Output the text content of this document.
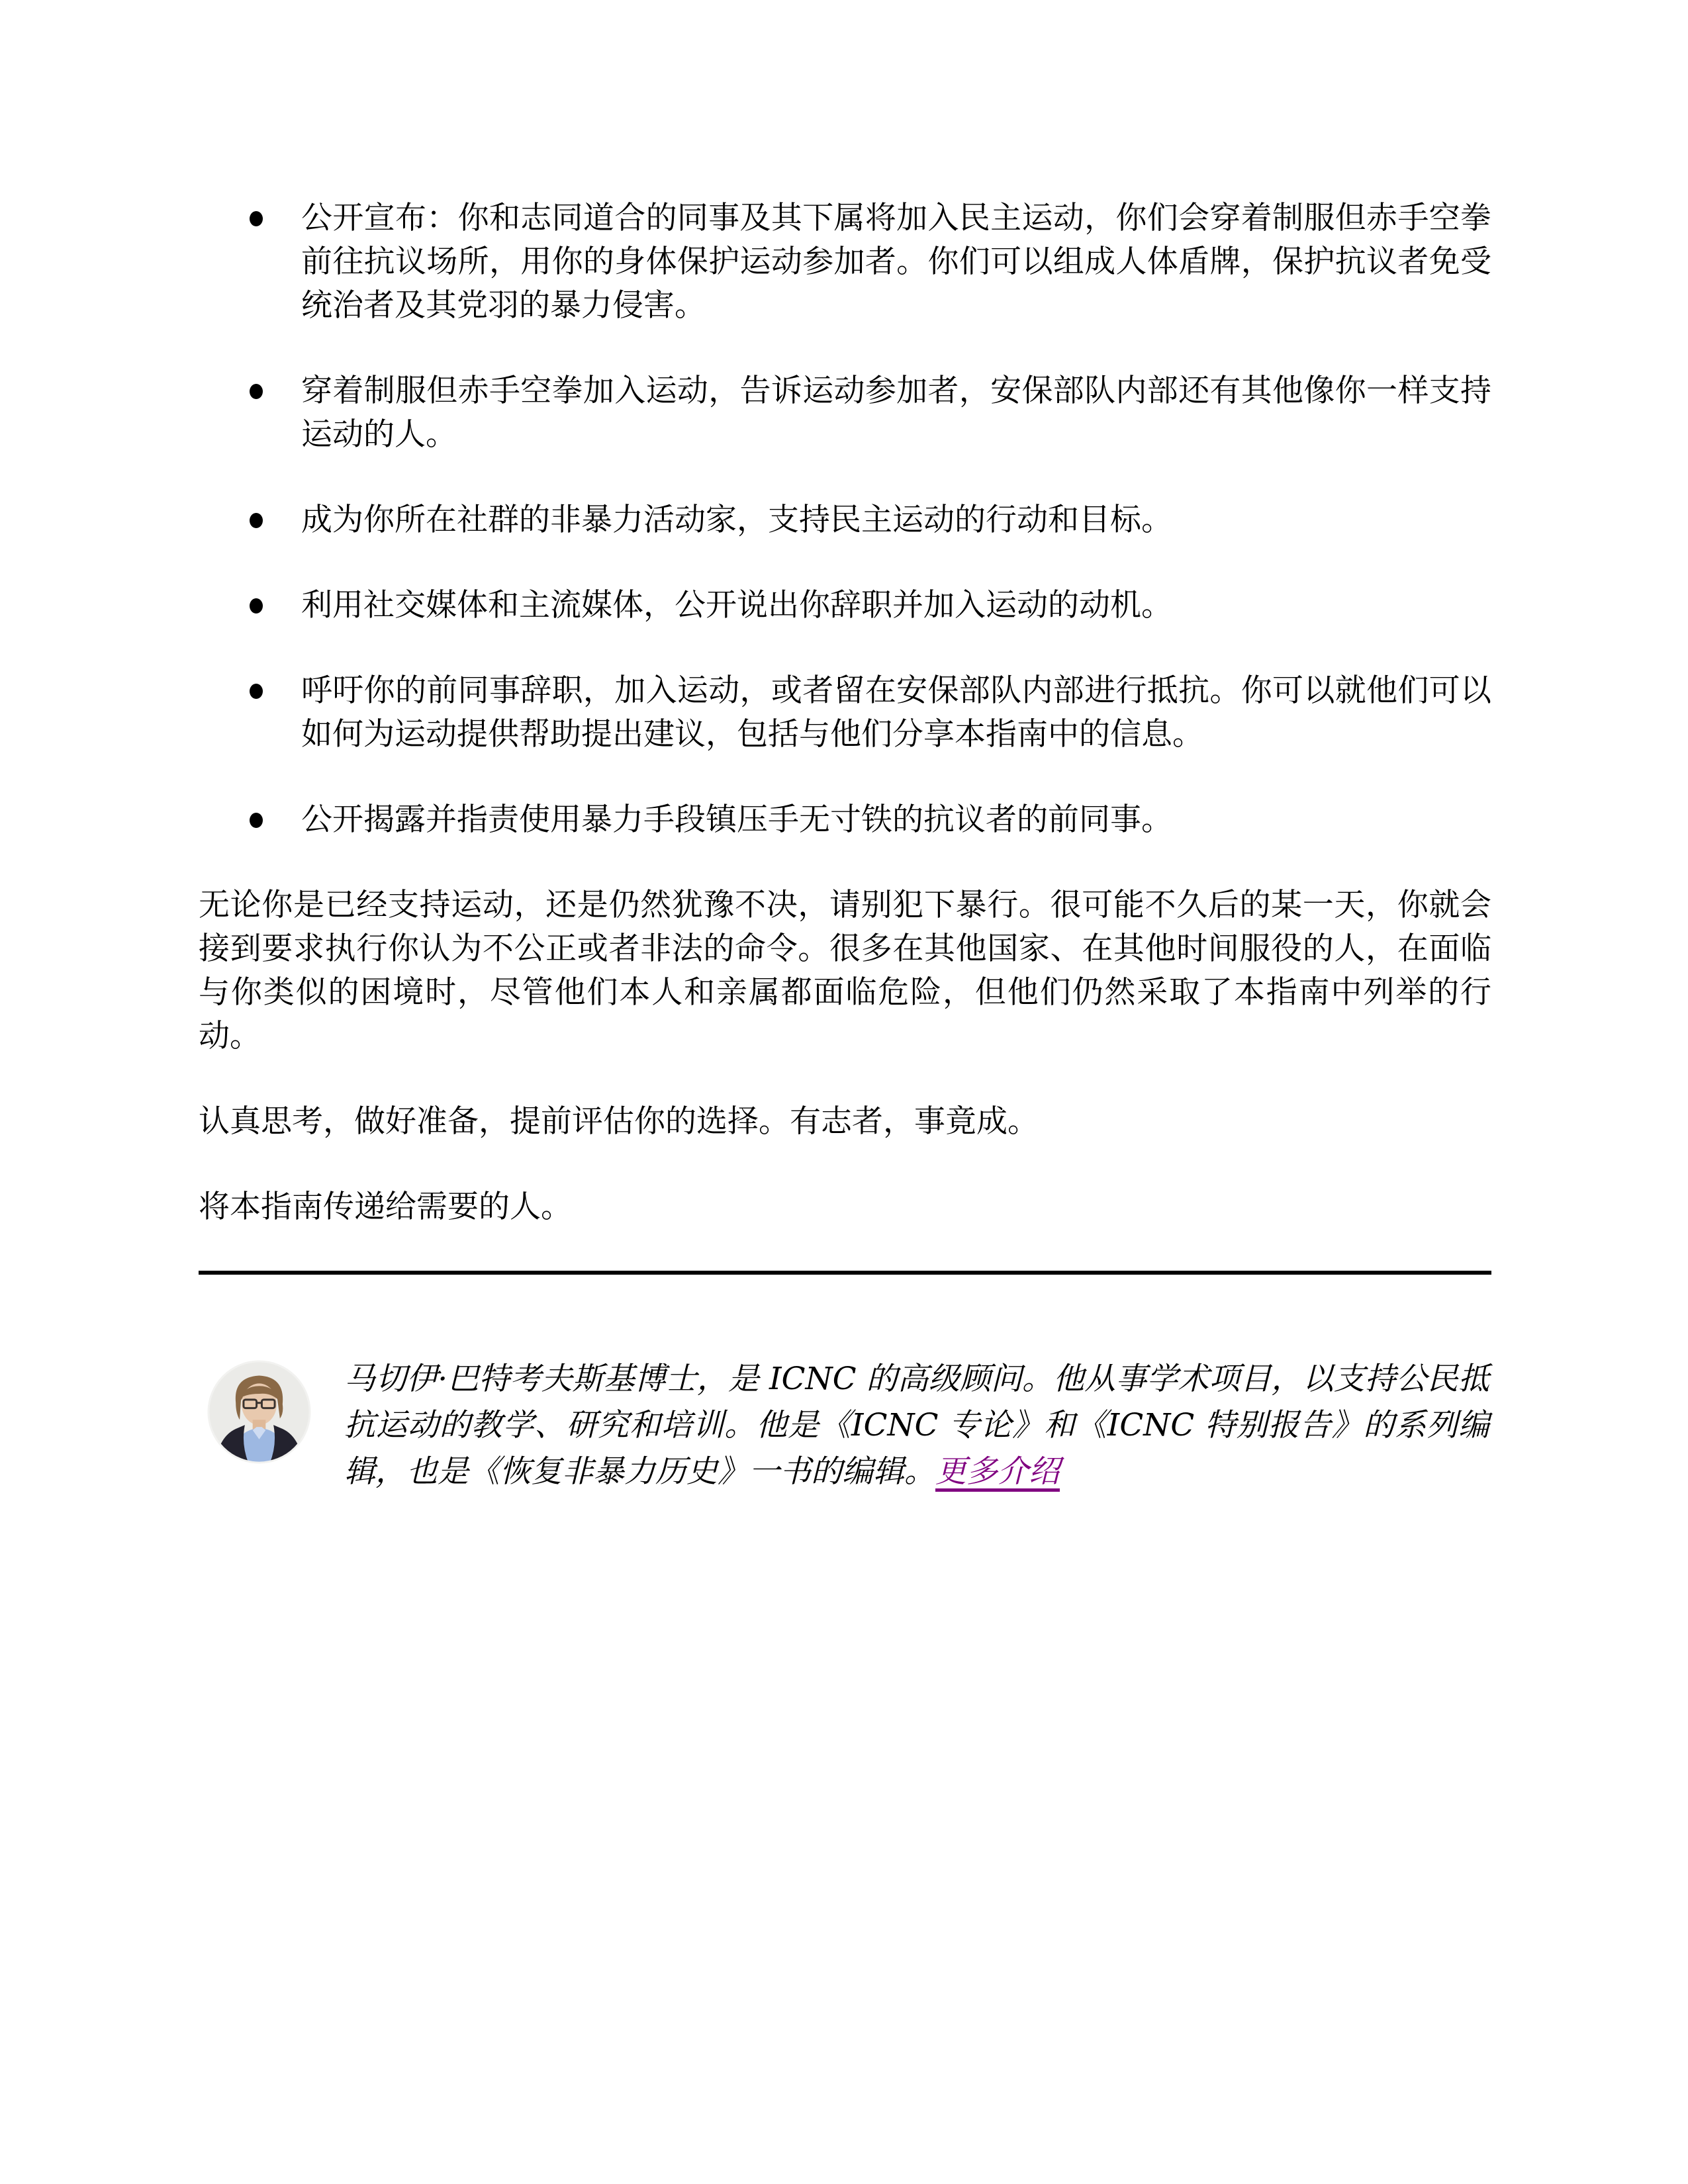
公开宣布：你和志同道合的同事及其下属将加入民主运动，你们会穿着制服但赤手空拳前往抗议场所，用你的身体保护运动参加者。你们可以组成人体盾牌，保护抗议者免受统治者及其党羽的暴力侵害。
穿着制服但赤手空拳加入运动，告诉运动参加者，安保部队内部还有其他像你一样支持运动的人。
成为你所在社群的非暴力活动家，支持民主运动的行动和目标。
利用社交媒体和主流媒体，公开说出你辞职并加入运动的动机。
呼吁你的前同事辞职，加入运动，或者留在安保部队内部进行抵抗。你可以就他们可以如何为运动提供帮助提出建议，包括与他们分享本指南中的信息。
公开揭露并指责使用暴力手段镇压手无寸铁的抗议者的前同事。

无论你是已经支持运动，还是仍然犹豫不决，请别犯下暴行。很可能不久后的某一天，你就会接到要求执行你认为不公正或者非法的命令。很多在其他国家、在其他时间服役的人，在面临与你类似的困境时，尽管他们本人和亲属都面临危险，但他们仍然采取了本指南中列举的行动。

认真思考，做好准备，提前评估你的选择。有志者，事竟成。

将本指南传递给需要的人。

马切伊·巴特考夫斯基博士，是 ICNC 的高级顾问。他从事学术项目，以支持公民抵抗运动的教学、研究和培训。他是《ICNC 专论》和《ICNC 特别报告》的系列编辑，也是《恢复非暴力历史》一书的编辑。更多介绍
